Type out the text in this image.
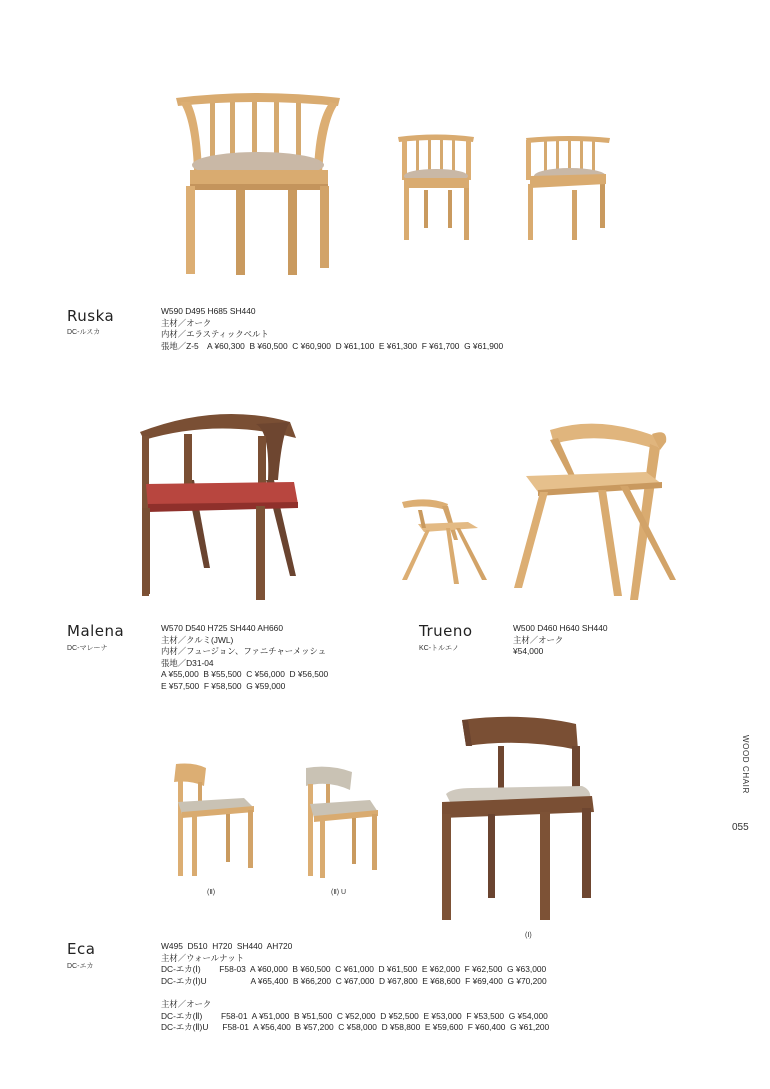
Ruska
DC-ルスカ
W590 D495 H685 SH440
主材／オーク
内材／エラスティックベルト
張地／Z-5　A ¥60,300  B ¥60,500  C ¥60,900  D ¥61,100  E ¥61,300  F ¥61,700  G ¥61,900
Malena
DC-マレーナ
W570 D540 H725 SH440 AH660
主材／クルミ(JWL)
内材／フュージョン、ファニチャーメッシュ
張地／D31-04
A ¥55,000  B ¥55,500  C ¥56,000  D ¥56,500
E ¥57,500  F ¥58,500  G ¥59,000
Trueno
KC-トルエノ
W500 D460 H640 SH440
主材／オーク
¥54,000
(Ⅱ)	(Ⅱ) U
(Ⅰ)
Eca
DC-エカ
W495  D510  H720  SH440  AH720
主材／ウォールナット
DC-エカ(Ⅰ)        F58-03  A ¥60,000  B ¥60,500  C ¥61,000  D ¥61,500  E ¥62,000  F ¥62,500  G ¥63,000
DC-エカ(Ⅰ)U                   A ¥65,400  B ¥66,200  C ¥67,000  D ¥67,800  E ¥68,600  F ¥69,400  G ¥70,200

主材／オーク
DC-エカ(Ⅱ)        F58-01  A ¥51,000  B ¥51,500  C ¥52,000  D ¥52,500  E ¥53,000  F ¥53,500  G ¥54,000
DC-エカ(Ⅱ)U      F58-01  A ¥56,400  B ¥57,200  C ¥58,000  D ¥58,800  E ¥59,600  F ¥60,400  G ¥61,200
WOOD CHAIR
055
